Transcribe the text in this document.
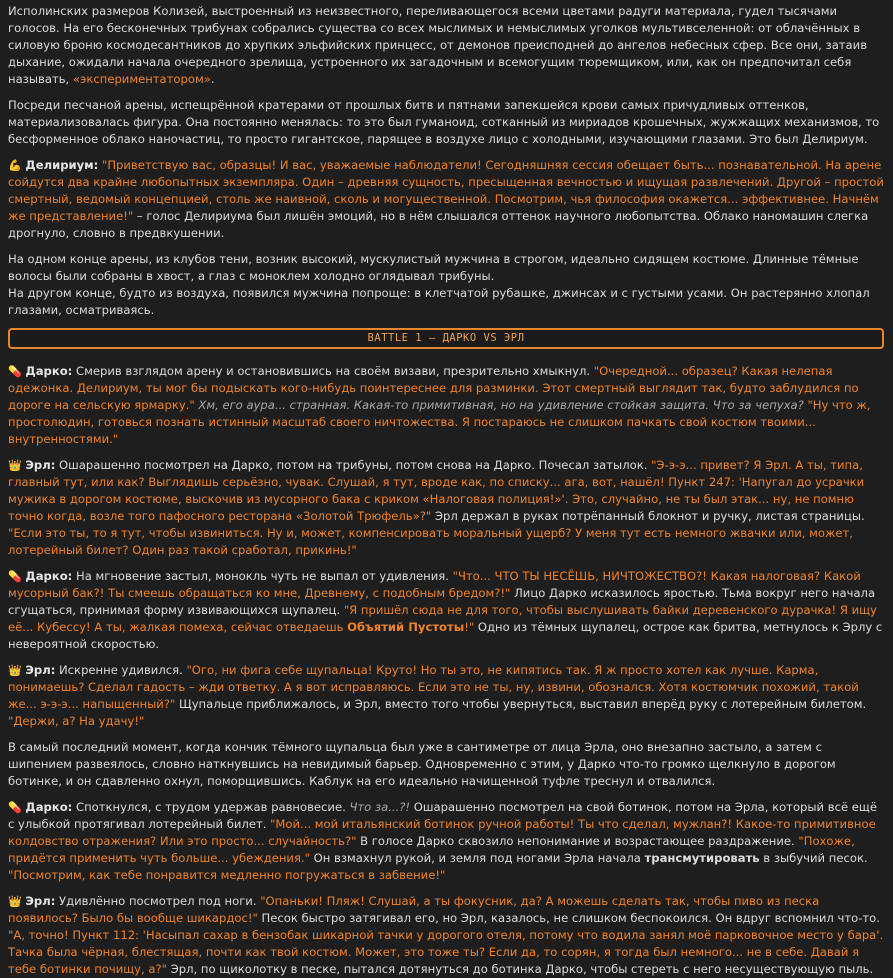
Исполинских размеров Колизей, выстроенный из неизвестного, переливающегося всеми цветами радуги материала, гудел тысячами голосов. На его бесконечных трибунах собрались существа со всех мыслимых и немыслимых уголков мультивселенной: от облачённых в силовую броню космодесантников до хрупких эльфийских принцесс, от демонов преисподней до ангелов небесных сфер. Все они, затаив дыхание, ожидали начала очередного зрелища, устроенного их загадочным и всемогущим тюремщиком, или, как он предпочитал себя называть, «экспериментатором».

Посреди песчаной арены, испещрённой кратерами от прошлых битв и пятнами запекшейся крови самых причудливых оттенков, материализовалась фигура. Она постоянно менялась: то это был гуманоид, сотканный из мириадов крошечных, жужжащих механизмов, то бесформенное облако наночастиц, то просто гигантское, парящее в воздухе лицо с холодными, изучающими глазами. Это был Делириум.

💪 Делириум: "Приветствую вас, образцы! И вас, уважаемые наблюдатели! Сегодняшняя сессия обещает быть... познавательной. На арене сойдутся два крайне любопытных экземпляра. Один – древняя сущность, пресыщенная вечностью и ищущая развлечений. Другой – простой смертный, ведомый концепцией, столь же наивной, сколь и могущественной. Посмотрим, чья философия окажется... эффективнее. Начнём же представление!" – голос Делириума был лишён эмоций, но в нём слышался оттенок научного любопытства. Облако наномашин слегка дрогнуло, словно в предвкушении.

На одном конце арены, из клубов тени, возник высокий, мускулистый мужчина в строгом, идеально сидящем костюме. Длинные тёмные волосы были собраны в хвост, а глаз с моноклем холодно оглядывал трибуны.
На другом конце, будто из воздуха, появился мужчина попроще: в клетчатой рубашке, джинсах и с густыми усами. Он растерянно хлопал глазами, осматриваясь.

BATTLE 1 – ДАРКО VS ЭРЛ

💊 Дарко: Смерив взглядом арену и остановившись на своём визави, презрительно хмыкнул. "Очередной... образец? Какая нелепая одежонка. Делириум, ты мог бы подыскать кого-нибудь поинтереснее для разминки. Этот смертный выглядит так, будто заблудился по дороге на сельскую ярмарку." Хм, его аура... странная. Какая-то примитивная, но на удивление стойкая защита. Что за чепуха? "Ну что ж, простолюдин, готовься познать истинный масштаб своего ничтожества. Я постараюсь не слишком пачкать свой костюм твоими... внутренностями."

👑 Эрл: Ошарашенно посмотрел на Дарко, потом на трибуны, потом снова на Дарко. Почесал затылок. "Э-э-э... привет? Я Эрл. А ты, типа, главный тут, или как? Выглядишь серьёзно, чувак. Слушай, я тут, вроде как, по списку... ага, вот, нашёл! Пункт 247: 'Напугал до усрачки мужика в дорогом костюме, выскочив из мусорного бака с криком «Налоговая полиция!»'. Это, случайно, не ты был этак... ну, не помню точно когда, возле того пафосного ресторана «Золотой Трюфель»?" Эрл держал в руках потрёпанный блокнот и ручку, листая страницы. "Если это ты, то я тут, чтобы извиниться. Ну и, может, компенсировать моральный ущерб? У меня тут есть немного жвачки или, может, лотерейный билет? Один раз такой сработал, прикинь!"

💊 Дарко: На мгновение застыл, монокль чуть не выпал от удивления. "Что... ЧТО ТЫ НЕСЁШЬ, НИЧТОЖЕСТВО?! Какая налоговая? Какой мусорный бак?! Ты смеешь обращаться ко мне, Древнему, с подобным бредом?!" Лицо Дарко исказилось яростью. Тьма вокруг него начала сгущаться, принимая форму извивающихся щупалец. "Я пришёл сюда не для того, чтобы выслушивать байки деревенского дурачка! Я ищу её... Кубессу! А ты, жалкая помеха, сейчас отведаешь Объятий Пустоты!" Одно из тёмных щупалец, острое как бритва, метнулось к Эрлу с невероятной скоростью.

👑 Эрл: Искренне удивился. "Ого, ни фига себе щупальца! Круто! Но ты это, не кипятись так. Я ж просто хотел как лучше. Карма, понимаешь? Сделал гадость – жди ответку. А я вот исправляюсь. Если это не ты, ну, извини, обознался. Хотя костюмчик похожий, такой же... э-э-э... напыщенный?" Щупальце приближалось, и Эрл, вместо того чтобы увернуться, выставил вперёд руку с лотерейным билетом. "Держи, а? На удачу!"

В самый последний момент, когда кончик тёмного щупальца был уже в сантиметре от лица Эрла, оно внезапно застыло, а затем с шипением развеялось, словно наткнувшись на невидимый барьер. Одновременно с этим, у Дарко что-то громко щелкнуло в дорогом ботинке, и он сдавленно охнул, поморщившись. Каблук на его идеально начищенной туфле треснул и отвалился.

💊 Дарко: Споткнулся, с трудом удержав равновесие. Что за...?! Ошарашенно посмотрел на свой ботинок, потом на Эрла, который всё ещё с улыбкой протягивал лотерейный билет. "Мой... мой итальянский ботинок ручной работы! Ты что сделал, мужлан?! Какое-то примитивное колдовство отражения? Или это просто... случайность?" В голосе Дарко сквозило непонимание и возрастающее раздражение. "Похоже, придётся применить чуть больше... убеждения." Он взмахнул рукой, и земля под ногами Эрла начала трансмутировать в зыбучий песок. "Посмотрим, как тебе понравится медленно погружаться в забвение!"

👑 Эрл: Удивлённо посмотрел под ноги. "Опаньки! Пляж! Слушай, а ты фокусник, да? А можешь сделать так, чтобы пиво из песка появилось? Было бы вообще шикардос!" Песок быстро затягивал его, но Эрл, казалось, не слишком беспокоился. Он вдруг вспомнил что-то. "А, точно! Пункт 112: 'Насыпал сахар в бензобак шикарной тачки у дорогого отеля, потому что водила занял моё парковочное место у бара'. Тачка была чёрная, блестящая, почти как твой костюм. Может, это тоже ты? Если да, то сорян, я тогда был немного... не в себе. Давай я тебе ботинки почищу, а?" Эрл, по щиколотку в песке, пытался дотянуться до ботинка Дарко, чтобы стереть с него несуществующую пыль.
